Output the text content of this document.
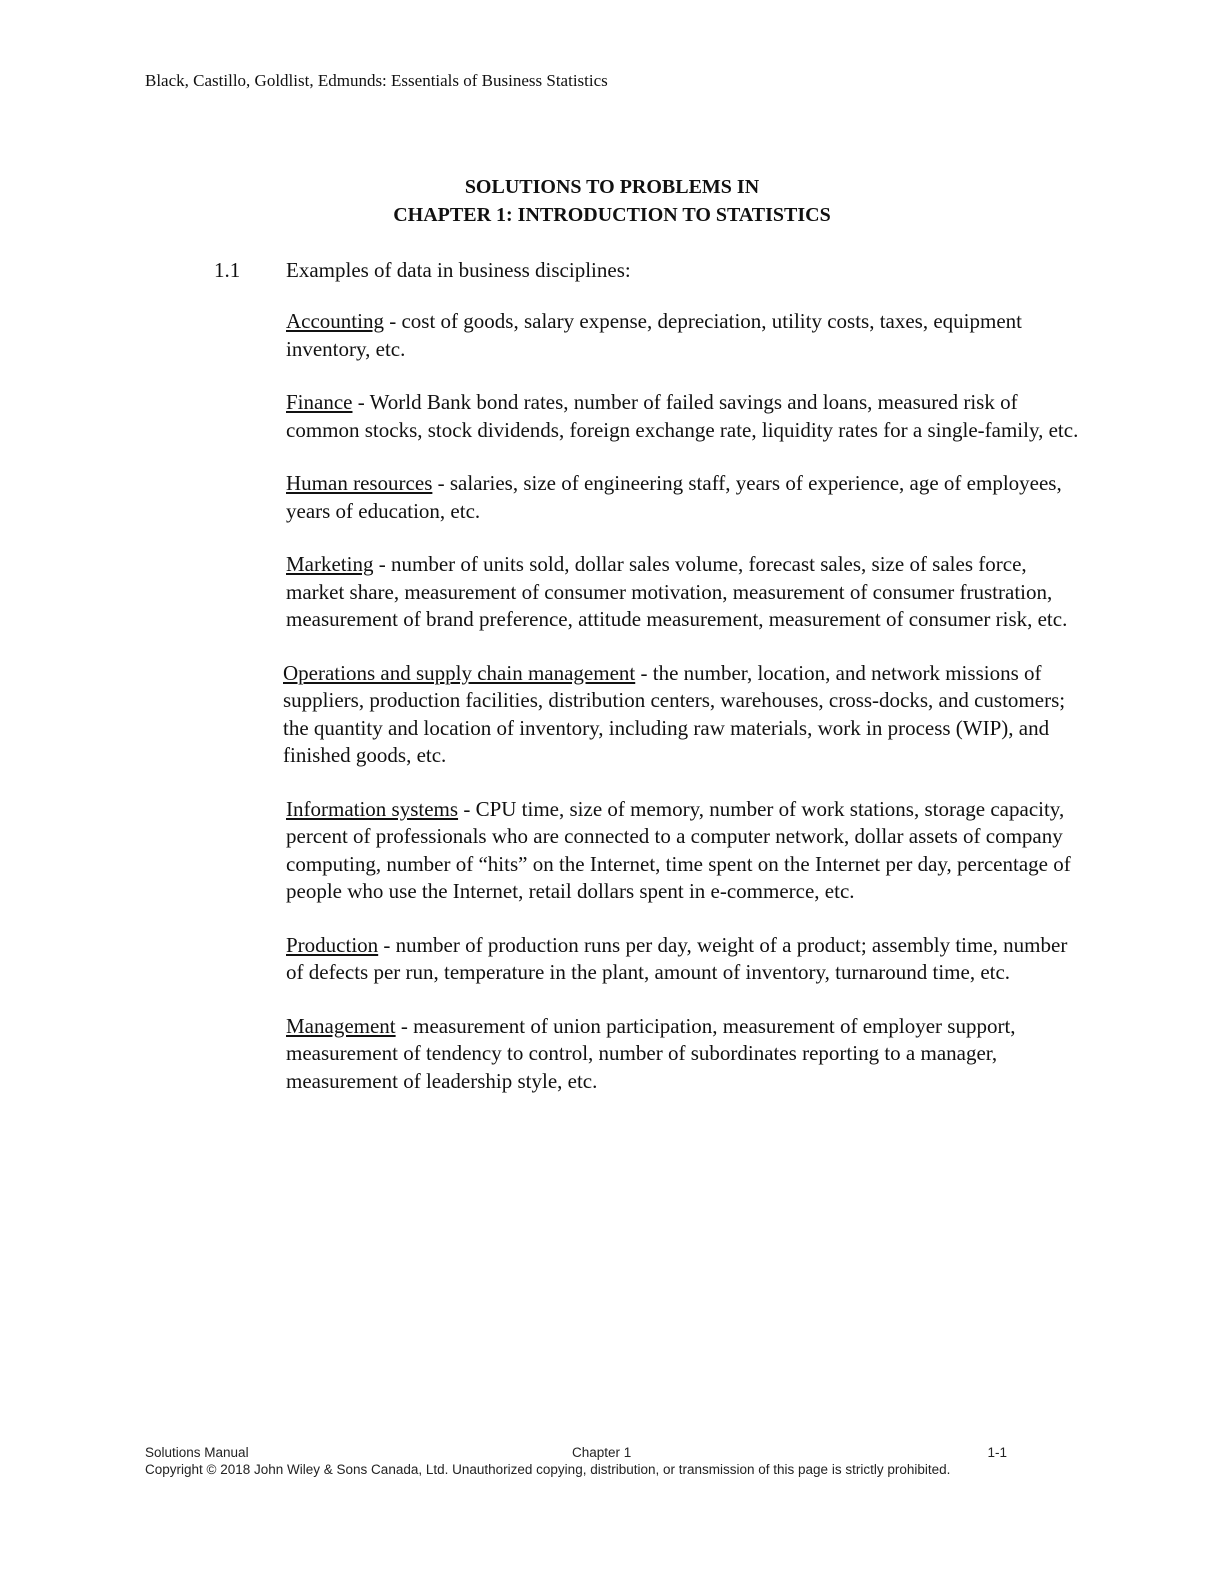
Black, Castillo, Goldlist, Edmunds: Essentials of Business Statistics
SOLUTIONS TO PROBLEMS IN
CHAPTER 1: INTRODUCTION TO STATISTICS
1.1 Examples of data in business disciplines:

Accounting - cost of goods, salary expense, depreciation, utility costs, taxes, equipment inventory, etc.

Finance - World Bank bond rates, number of failed savings and loans, measured risk of common stocks, stock dividends, foreign exchange rate, liquidity rates for a single-family, etc.

Human resources - salaries, size of engineering staff, years of experience, age of employees, years of education, etc.

Marketing - number of units sold, dollar sales volume, forecast sales, size of sales force, market share, measurement of consumer motivation, measurement of consumer frustration, measurement of brand preference, attitude measurement, measurement of consumer risk, etc.

Operations and supply chain management - the number, location, and network missions of suppliers, production facilities, distribution centers, warehouses, cross-docks, and customers; the quantity and location of inventory, including raw materials, work in process (WIP), and finished goods, etc.

Information systems - CPU time, size of memory, number of work stations, storage capacity, percent of professionals who are connected to a computer network, dollar assets of company computing, number of “hits” on the Internet, time spent on the Internet per day, percentage of people who use the Internet, retail dollars spent in e-commerce, etc.

Production - number of production runs per day, weight of a product; assembly time, number of defects per run, temperature in the plant, amount of inventory, turnaround time, etc.

Management - measurement of union participation, measurement of employer support, measurement of tendency to control, number of subordinates reporting to a manager, measurement of leadership style, etc.

Solutions Manual	Chapter 1	1-1
Copyright © 2018 John Wiley & Sons Canada, Ltd. Unauthorized copying, distribution, or transmission of this page is strictly prohibited.
